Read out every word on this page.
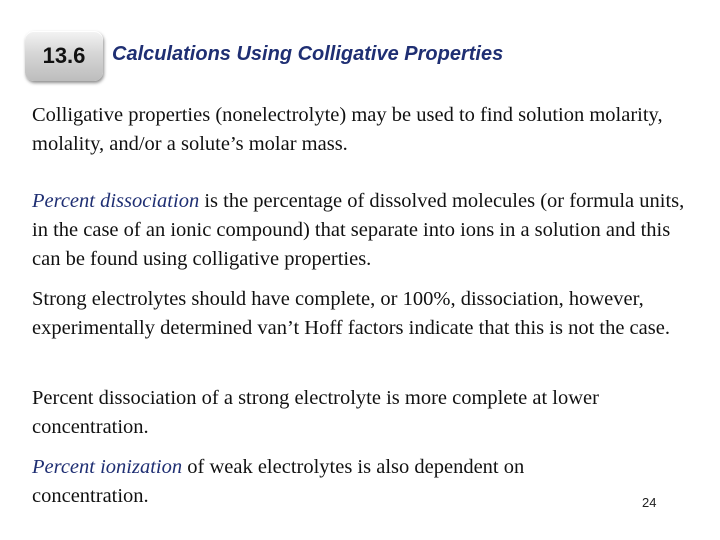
13.6 Calculations Using Colligative Properties

Colligative properties (nonelectrolyte) may be used to find solution molarity, molality, and/or a solute’s molar mass.

Percent dissociation is the percentage of dissolved molecules (or formula units, in the case of an ionic compound) that separate into ions in a solution and this can be found using colligative properties.

Strong electrolytes should have complete, or 100%, dissociation, however, experimentally determined van’t Hoff factors indicate that this is not the case.

Percent dissociation of a strong electrolyte is more complete at lower concentration.

Percent ionization of weak electrolytes is also dependent on concentration.	24
